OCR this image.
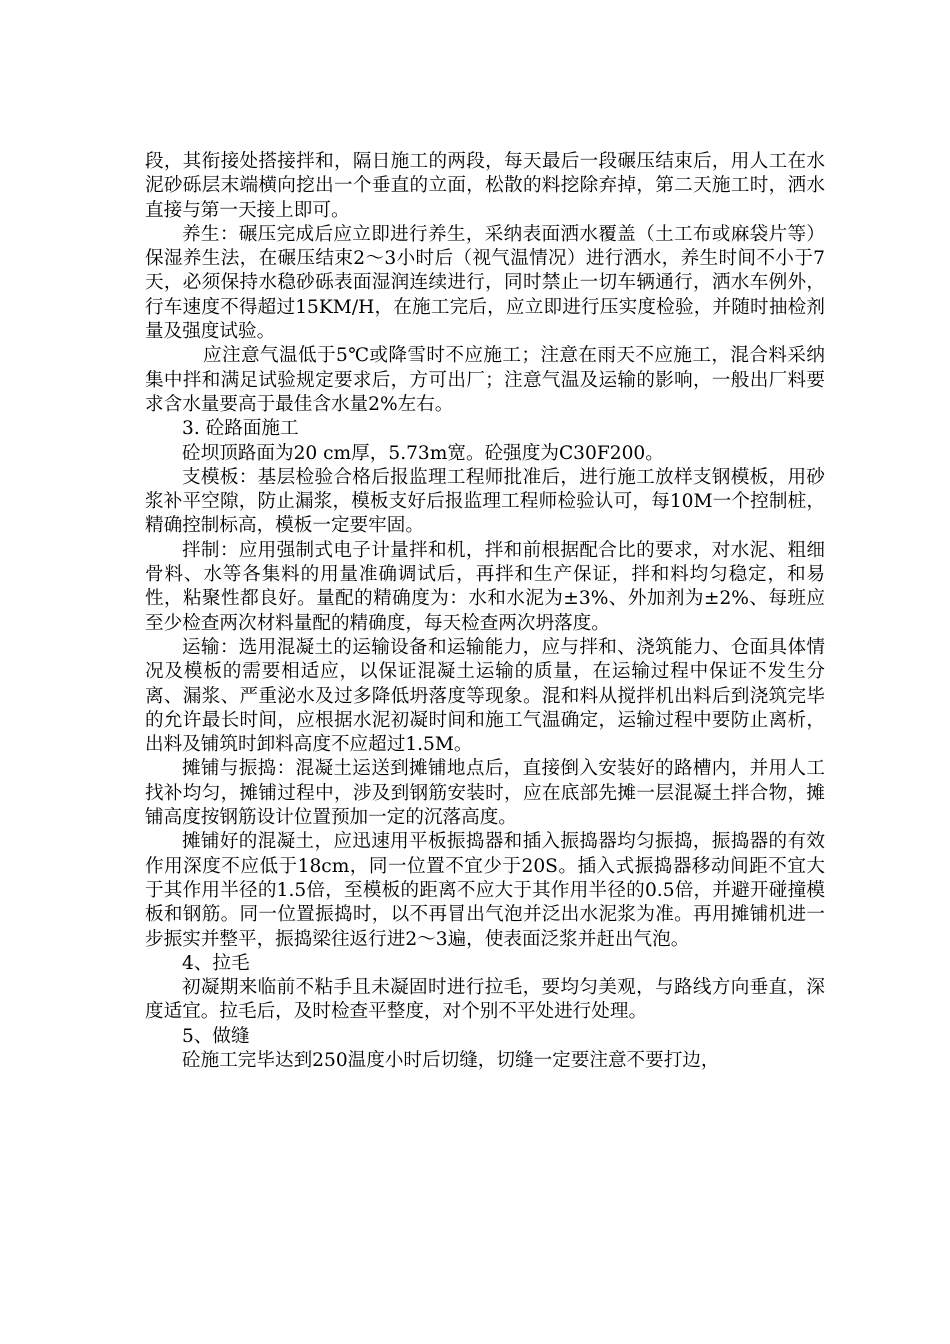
段，其衔接处搭接拌和，隔日施工的两段，每天最后一段碾压结束后，用人工在水泥砂砾层末端横向挖出一个垂直的立面，松散的料挖除弃掉，第二天施工时，洒水直接与第一天接上即可。

养生：碾压完成后应立即进行养生，采纳表面洒水覆盖（土工布或麻袋片等）保湿养生法，在碾压结束2～3小时后（视气温情况）进行洒水，养生时间不小于7天，必须保持水稳砂砾表面湿润连续进行，同时禁止一切车辆通行，洒水车例外，行车速度不得超过15KM/H，在施工完后，应立即进行压实度检验，并随时抽检剂量及强度试验。

应注意气温低于5℃或降雪时不应施工；注意在雨天不应施工，混合料采纳集中拌和满足试验规定要求后，方可出厂；注意气温及运输的影响，一般出厂料要求含水量要高于最佳含水量2%左右。

3. 砼路面施工

砼坝顶路面为20 cm厚，5.73m宽。砼强度为C30F200。

支模板：基层检验合格后报监理工程师批准后，进行施工放样支钢模板，用砂浆补平空隙，防止漏浆，模板支好后报监理工程师检验认可，每10M一个控制桩，精确控制标高，模板一定要牢固。

拌制：应用强制式电子计量拌和机，拌和前根据配合比的要求，对水泥、粗细骨料、水等各集料的用量准确调试后，再拌和生产保证，拌和料均匀稳定，和易性，粘聚性都良好。量配的精确度为：水和水泥为±3%、外加剂为±2%、每班应至少检查两次材料量配的精确度，每天检查两次坍落度。

运输：选用混凝土的运输设备和运输能力，应与拌和、浇筑能力、仓面具体情况及模板的需要相适应，以保证混凝土运输的质量，在运输过程中保证不发生分离、漏浆、严重泌水及过多降低坍落度等现象。混和料从搅拌机出料后到浇筑完毕的允许最长时间，应根据水泥初凝时间和施工气温确定，运输过程中要防止离析，出料及铺筑时卸料高度不应超过1.5M。

摊铺与振捣：混凝土运送到摊铺地点后，直接倒入安装好的路槽内，并用人工找补均匀，摊铺过程中，涉及到钢筋安装时，应在底部先摊一层混凝土拌合物，摊铺高度按钢筋设计位置预加一定的沉落高度。

摊铺好的混凝土，应迅速用平板振捣器和插入振捣器均匀振捣，振捣器的有效作用深度不应低于18cm，同一位置不宜少于20S。插入式振捣器移动间距不宜大于其作用半径的1.5倍，至模板的距离不应大于其作用半径的0.5倍，并避开碰撞模板和钢筋。同一位置振捣时，以不再冒出气泡并泛出水泥浆为准。再用摊铺机进一步振实并整平，振捣梁往返行进2～3遍，使表面泛浆并赶出气泡。

4、拉毛

初凝期来临前不粘手且未凝固时进行拉毛，要均匀美观，与路线方向垂直，深度适宜。拉毛后，及时检查平整度，对个别不平处进行处理。

5、做缝

砼施工完毕达到250温度小时后切缝，切缝一定要注意不要打边，
